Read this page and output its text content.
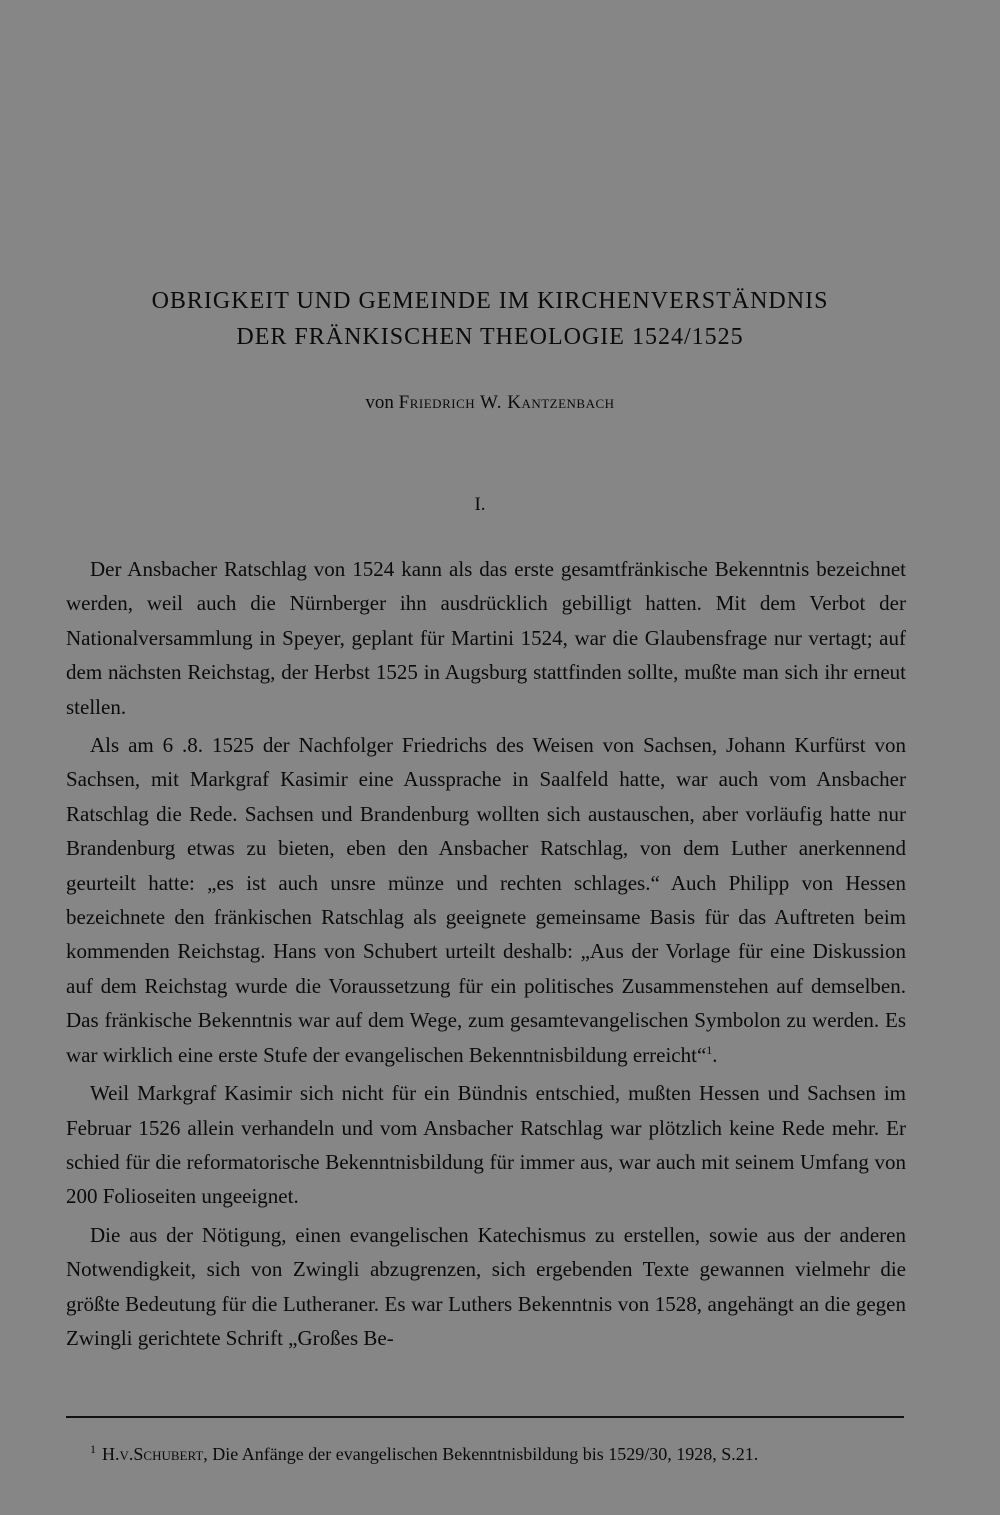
OBRIGKEIT UND GEMEINDE IM KIRCHENVERSTÄNDNIS
DER FRÄNKISCHEN THEOLOGIE 1524/1525
von Friedrich W. Kantzenbach
I.

Der Ansbacher Ratschlag von 1524 kann als das erste gesamtfränkische Bekenntnis bezeichnet werden, weil auch die Nürnberger ihn ausdrücklich gebilligt hatten. Mit dem Verbot der Nationalversammlung in Speyer, geplant für Martini 1524, war die Glaubensfrage nur vertagt; auf dem nächsten Reichstag, der Herbst 1525 in Augsburg stattfinden sollte, mußte man sich ihr erneut stellen.

Als am 6 .8. 1525 der Nachfolger Friedrichs des Weisen von Sachsen, Johann Kurfürst von Sachsen, mit Markgraf Kasimir eine Aussprache in Saalfeld hatte, war auch vom Ansbacher Ratschlag die Rede. Sachsen und Brandenburg wollten sich austauschen, aber vorläufig hatte nur Brandenburg etwas zu bieten, eben den Ansbacher Ratschlag, von dem Luther anerkennend geurteilt hatte: „es ist auch unsre münze und rechten schlages.“ Auch Philipp von Hessen bezeichnete den fränkischen Ratschlag als geeignete gemeinsame Basis für das Auftreten beim kommenden Reichstag. Hans von Schubert urteilt deshalb: „Aus der Vorlage für eine Diskussion auf dem Reichstag wurde die Voraussetzung für ein politisches Zusammenstehen auf demselben. Das fränkische Bekenntnis war auf dem Wege, zum gesamtevangelischen Symbolon zu werden. Es war wirklich eine erste Stufe der evangelischen Bekenntnisbildung erreicht“$^1$.

Weil Markgraf Kasimir sich nicht für ein Bündnis entschied, mußten Hessen und Sachsen im Februar 1526 allein verhandeln und vom Ansbacher Ratschlag war plötzlich keine Rede mehr. Er schied für die reformatorische Bekenntnisbildung für immer aus, war auch mit seinem Umfang von 200 Folioseiten ungeeignet.

Die aus der Nötigung, einen evangelischen Katechismus zu erstellen, sowie aus der anderen Notwendigkeit, sich von Zwingli abzugrenzen, sich ergebenden Texte gewannen vielmehr die größte Bedeutung für die Lutheraner. Es war Luthers Bekenntnis von 1528, angehängt an die gegen Zwingli gerichtete Schrift „Großes Be-

$^1$ H.v.Schubert, Die Anfänge der evangelischen Bekenntnisbildung bis 1529/30, 1928, S.21.
